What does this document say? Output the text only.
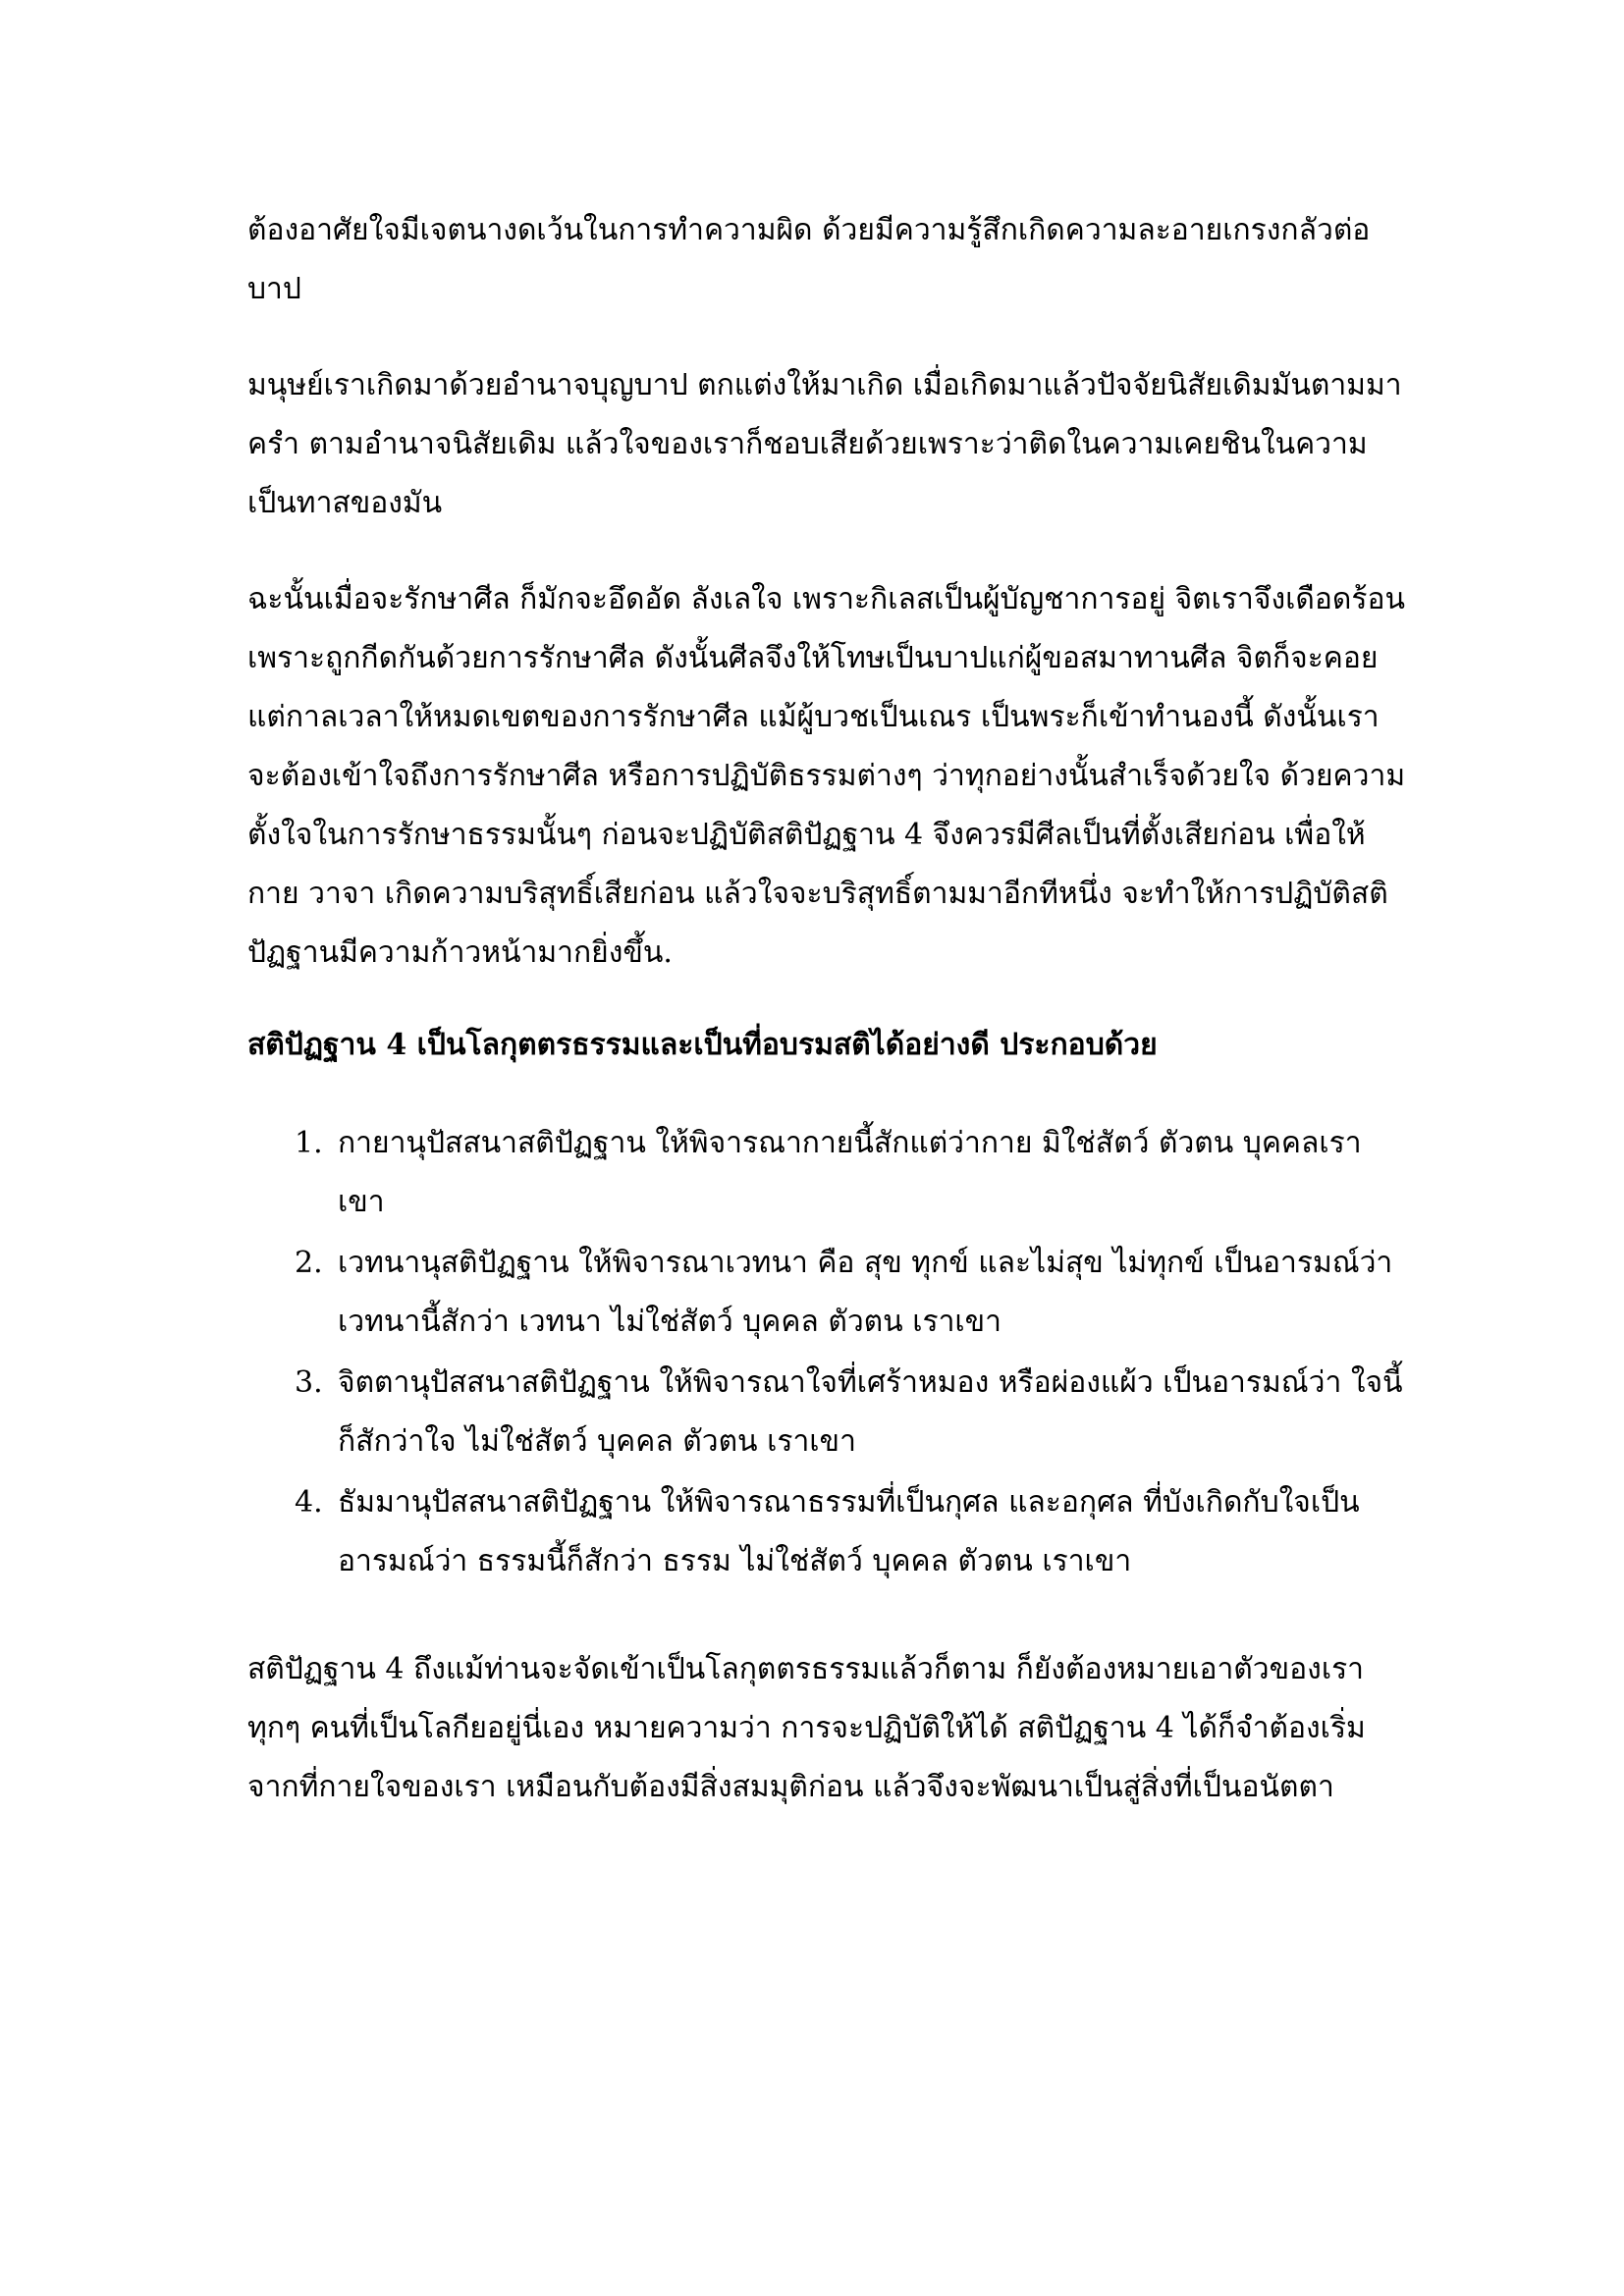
ต้องอาศัยใจมีเจตนางดเว้นในการทำความผิด ด้วยมีความรู้สึกเกิดความละอายเกรงกลัวต่อบาป

มนุษย์เราเกิดมาด้วยอำนาจบุญบาป ตกแต่งให้มาเกิด เมื่อเกิดมาแล้วปัจจัยนิสัยเดิมมันตามมาครำ ตามอำนาจนิสัยเดิม แล้วใจของเราก็ชอบเสียด้วยเพราะว่าติดในความเคยชินในความเป็นทาสของมัน

ฉะนั้นเมื่อจะรักษาศีล ก็มักจะอึดอัด ลังเลใจ เพราะกิเลสเป็นผู้บัญชาการอยู่ จิตเราจึงเดือดร้อนเพราะถูกกีดกันด้วยการรักษาศีล ดังนั้นศีลจึงให้โทษเป็นบาปแก่ผู้ขอสมาทานศีล จิตก็จะคอยแต่กาลเวลาให้หมดเขตของการรักษาศีล แม้ผู้บวชเป็นเณร เป็นพระก็เข้าทำนองนี้ ดังนั้นเราจะต้องเข้าใจถึงการรักษาศีล หรือการปฏิบัติธรรมต่างๆ ว่าทุกอย่างนั้นสำเร็จด้วยใจ ด้วยความตั้งใจในการรักษาธรรมนั้นๆ ก่อนจะปฏิบัติสติปัฏฐาน 4 จึงควรมีศีลเป็นที่ตั้งเสียก่อน เพื่อให้กาย วาจา เกิดความบริสุทธิ์เสียก่อน แล้วใจจะบริสุทธิ์ตามมาอีกทีหนึ่ง จะทำให้การปฏิบัติสติปัฏฐานมีความก้าวหน้ามากยิ่งขึ้น.

สติปัฏฐาน 4 เป็นโลกุตตรธรรมและเป็นที่อบรมสติได้อย่างดี ประกอบด้วย
1. กายานุปัสสนาสติปัฏฐาน ให้พิจารณากายนี้สักแต่ว่ากาย มิใช่สัตว์ ตัวตน บุคคลเราเขา
2. เวทนานุสติปัฏฐาน ให้พิจารณาเวทนา คือ สุข ทุกข์ และไม่สุข ไม่ทุกข์ เป็นอารมณ์ว่า เวทนานี้สักว่า เวทนา ไม่ใช่สัตว์ บุคคล ตัวตน เราเขา
3. จิตตานุปัสสนาสติปัฏฐาน ให้พิจารณาใจที่เศร้าหมอง หรือผ่องแผ้ว เป็นอารมณ์ว่า ใจนี้ก็สักว่าใจ ไม่ใช่สัตว์ บุคคล ตัวตน เราเขา
4. ธัมมานุปัสสนาสติปัฏฐาน ให้พิจารณาธรรมที่เป็นกุศล และอกุศล ที่บังเกิดกับใจเป็นอารมณ์ว่า ธรรมนี้ก็สักว่า ธรรม ไม่ใช่สัตว์ บุคคล ตัวตน เราเขา

สติปัฏฐาน 4 ถึงแม้ท่านจะจัดเข้าเป็นโลกุตตรธรรมแล้วก็ตาม ก็ยังต้องหมายเอาตัวของเราทุกๆ คนที่เป็นโลกียอยู่นี่เอง หมายความว่า การจะปฏิบัติให้ได้ สติปัฏฐาน 4 ได้ก็จำต้องเริ่มจากที่กายใจของเรา เหมือนกับต้องมีสิ่งสมมุติก่อน แล้วจึงจะพัฒนาเป็นสู่สิ่งที่เป็นอนัตตา
